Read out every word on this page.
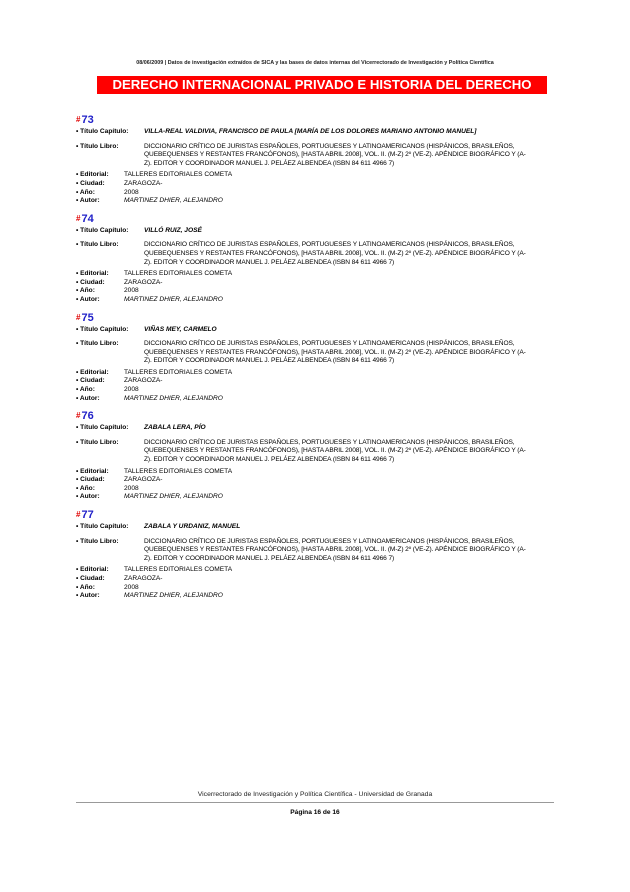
08/06/2009 | Datos de investigación extraídos de SICA y las bases de datos internas del Vicerrectorado de Investigación y Política Científica
DERECHO INTERNACIONAL PRIVADO E HISTORIA DEL DERECHO
#73
• Título Capítulo:	VILLA-REAL VALDIVIA, FRANCISCO DE PAULA [MARÍA DE LOS DOLORES MARIANO ANTONIO MANUEL]
• Título Libro:	DICCIONARIO CRÍTICO DE JURISTAS ESPAÑOLES, PORTUGUESES Y LATINOAMERICANOS (HISPÁNICOS, BRASILEÑOS, QUEBEQUENSES Y RESTANTES FRANCÓFONOS), [HASTA ABRIL 2008], VOL. II. (M-Z) 2º (VE-Z). APÉNDICE BIOGRÁFICO Y (A-Z). EDITOR Y COORDINADOR MANUEL J. PELÁEZ ALBENDEA (ISBN 84 611 4966 7)
• Editorial:	TALLERES EDITORIALES COMETA
• Ciudad:	ZARAGOZA-
• Año:	2008
• Autor:	MARTINEZ DHIER, ALEJANDRO
#74
• Título Capítulo:	VILLÓ RUIZ, JOSÉ
• Título Libro:	DICCIONARIO CRÍTICO DE JURISTAS ESPAÑOLES, PORTUGUESES Y LATINOAMERICANOS (HISPÁNICOS, BRASILEÑOS, QUEBEQUENSES Y RESTANTES FRANCÓFONOS), [HASTA ABRIL 2008], VOL. II. (M-Z) 2º (VE-Z). APÉNDICE BIOGRÁFICO Y (A-Z). EDITOR Y COORDINADOR MANUEL J. PELÁEZ ALBENDEA (ISBN 84 611 4966 7)
• Editorial:	TALLERES EDITORIALES COMETA
• Ciudad:	ZARAGOZA-
• Año:	2008
• Autor:	MARTINEZ DHIER, ALEJANDRO
#75
• Título Capítulo:	VIÑAS MEY, CARMELO
• Título Libro:	DICCIONARIO CRÍTICO DE JURISTAS ESPAÑOLES, PORTUGUESES Y LATINOAMERICANOS (HISPÁNICOS, BRASILEÑOS, QUEBEQUENSES Y RESTANTES FRANCÓFONOS), [HASTA ABRIL 2008], VOL. II. (M-Z) 2º (VE-Z). APÉNDICE BIOGRÁFICO Y (A-Z). EDITOR Y COORDINADOR MANUEL J. PELÁEZ ALBENDEA (ISBN 84 611 4966 7)
• Editorial:	TALLERES EDITORIALES COMETA
• Ciudad:	ZARAGOZA-
• Año:	2008
• Autor:	MARTINEZ DHIER, ALEJANDRO
#76
• Título Capítulo:	ZABALA LERA, PÍO
• Título Libro:	DICCIONARIO CRÍTICO DE JURISTAS ESPAÑOLES, PORTUGUESES Y LATINOAMERICANOS (HISPÁNICOS, BRASILEÑOS, QUEBEQUENSES Y RESTANTES FRANCÓFONOS), [HASTA ABRIL 2008], VOL. II. (M-Z) 2º (VE-Z). APÉNDICE BIOGRÁFICO Y (A-Z). EDITOR Y COORDINADOR MANUEL J. PELÁEZ ALBENDEA (ISBN 84 611 4966 7)
• Editorial:	TALLERES EDITORIALES COMETA
• Ciudad:	ZARAGOZA-
• Año:	2008
• Autor:	MARTINEZ DHIER, ALEJANDRO
#77
• Título Capítulo:	ZABALA Y URDANIZ, MANUEL
• Título Libro:	DICCIONARIO CRÍTICO DE JURISTAS ESPAÑOLES, PORTUGUESES Y LATINOAMERICANOS (HISPÁNICOS, BRASILEÑOS, QUEBEQUENSES Y RESTANTES FRANCÓFONOS), [HASTA ABRIL 2008], VOL. II. (M-Z) 2º (VE-Z). APÉNDICE BIOGRÁFICO Y (A-Z). EDITOR Y COORDINADOR MANUEL J. PELÁEZ ALBENDEA (ISBN 84 611 4966 7)
• Editorial:	TALLERES EDITORIALES COMETA
• Ciudad:	ZARAGOZA-
• Año:	2008
• Autor:	MARTINEZ DHIER, ALEJANDRO
Vicerrectorado de Investigación y Política Científica - Universidad de Granada
Página 16 de 16
